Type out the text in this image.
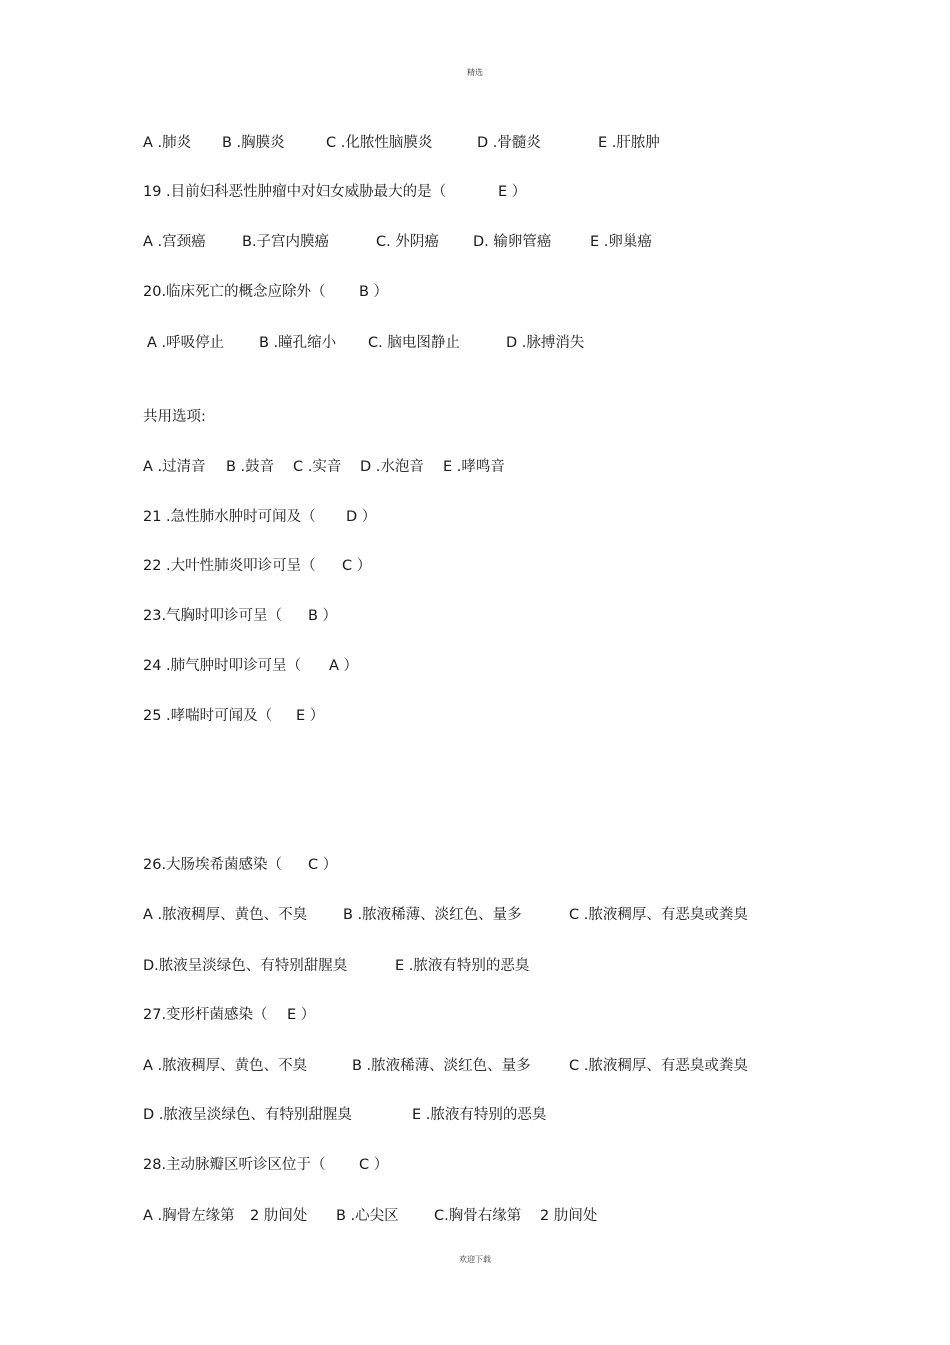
精选
A .肺炎 B .胸膜炎	C .化脓性脑膜炎	D .骨髓炎	E .肝脓肿
19 .目前妇科恶性肿瘤中对妇女威胁最大的是（	E ）
A .宫颈癌	B.子宫内膜癌	C. 外阴癌 D. 输卵管癌	E .卵巢癌
20.临床死亡的概念应除外（ B ）
A .呼吸停止 B .瞳孔缩小 C. 脑电图静止	D .脉搏消失
共用选项:
A .过清音 B .鼓音 C .实音 D .水泡音 E .哮鸣音
21 .急性肺水肿时可闻及（ D ）
22 .大叶性肺炎叩诊可呈（ C ）
23.气胸时叩诊可呈（ B ）
24 .肺气肿时叩诊可呈（ A ）
25 .哮喘时可闻及（ E ）
26.大肠埃希菌感染（ C ）
A .脓液稠厚、黄色、不臭 B .脓液稀薄、淡红色、量多	C .脓液稠厚、有恶臭或粪臭
D.脓液呈淡绿色、有特别甜腥臭	E .脓液有特别的恶臭
27.变形杆菌感染（ E ）
A .脓液稠厚、黄色、不臭	B .脓液稀薄、淡红色、量多	C .脓液稠厚、有恶臭或粪臭
D .脓液呈淡绿色、有特别甜腥臭	E .脓液有特别的恶臭
28.主动脉瓣区听诊区位于（ C ）
A .胸骨左缘第 2 肋间处 B .心尖区 C.胸骨右缘第 2 肋间处
欢迎下载
